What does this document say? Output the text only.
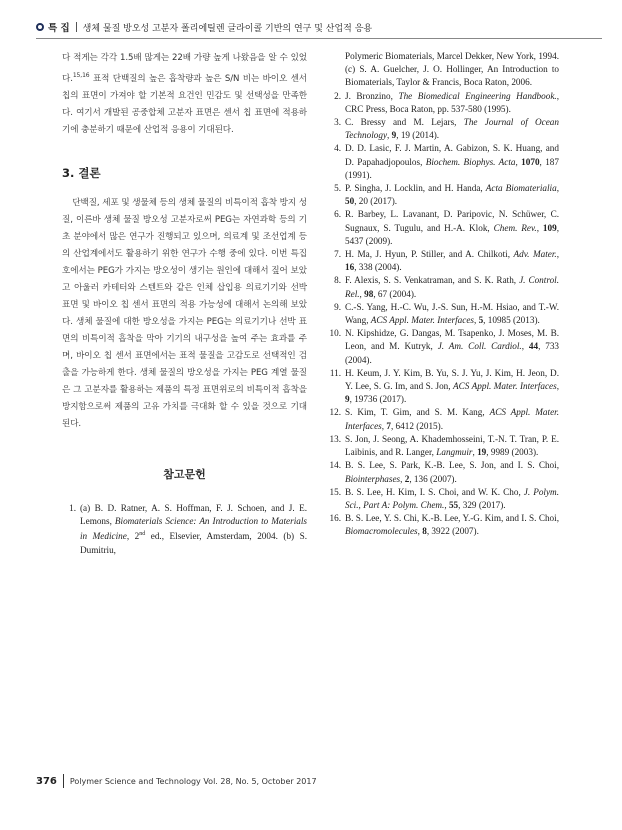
특 집 생체 물질 방오성 고분자 폴리에틸렌 글라이콜 기반의 연구 및 산업적 응용

다 적게는 각각 1.5배 많게는 22배 가량 높게 나왔음을 알 수 있었다.$^{15,16}$ 표적 단백질의 높은 흡착량과 높은 S/N 비는 바이오 센서 칩의 표면이 가져야 할 기본적 요건인 민감도 및 선택성을 만족한다. 여기서 개발된 공중합체 고분자 표면은 센서 칩 표면에 적용하기에 충분하기 때문에 산업적 응용이 기대된다.

3. 결론

단백질, 세포 및 생물체 등의 생체 물질의 비특이적 흡착 방지 성질, 이른바 생체 물질 방오성 고분자로써 PEG는 자연과학 등의 기초 분야에서 많은 연구가 진행되고 있으며, 의료계 및 조선업계 등의 산업계에서도 활용하기 위한 연구가 수행 중에 있다. 이번 특집호에서는 PEG가 가지는 방오성이 생기는 원인에 대해서 짚어 보았고 아울러 카테터와 스텐트와 같은 인체 삽입용 의료기기와 선박 표면 및 바이오 칩 센서 표면의 적용 가능성에 대해서 논의해 보았다. 생체 물질에 대한 방오성을 가지는 PEG는 의료기기나 선박 표면의 비특이적 흡착을 막아 기기의 내구성을 높여 주는 효과를 주며, 바이오 칩 센서 표면에서는 표적 물질을 고감도로 선택적인 검출을 가능하게 한다. 생체 물질의 방오성을 가지는 PEG 계열 물질은 그 고분자를 활용하는 제품의 특정 표면위로의 비특이적 흡착을 방지함으로써 제품의 고유 가치를 극대화 할 수 있을 것으로 기대된다.

참고문헌
1. (a) B. D. Ratner, A. S. Hoffman, F. J. Schoen, and J. E. Lemons, Biomaterials Science: An Introduction to Materials in Medicine, 2nd ed., Elsevier, Amsterdam, 2004. (b) S. Dumitriu,
Polymeric Biomaterials, Marcel Dekker, New York, 1994. (c) S. A. Guelcher, J. O. Hollinger, An Introduction to Biomaterials, Taylor & Francis, Boca Raton, 2006.
2. J. Bronzino, The Biomedical Engineering Handbook., CRC Press, Boca Raton, pp. 537-580 (1995).
3. C. Bressy and M. Lejars, The Journal of Ocean Technology, 9, 19 (2014).
4. D. D. Lasic, F. J. Martin, A. Gabizon, S. K. Huang, and D. Papahadjopoulos, Biochem. Biophys. Acta, 1070, 187 (1991).
5. P. Singha, J. Locklin, and H. Handa, Acta Biomaterialia, 50, 20 (2017).
6. R. Barbey, L. Lavanant, D. Paripovic, N. Schüwer, C. Sugnaux, S. Tugulu, and H.-A. Klok, Chem. Rev., 109, 5437 (2009).
7. H. Ma, J. Hyun, P. Stiller, and A. Chilkoti, Adv. Mater., 16, 338 (2004).
8. F. Alexis, S. S. Venkatraman, and S. K. Rath, J. Control. Rel., 98, 67 (2004).
9. C.-S. Yang, H.-C. Wu, J.-S. Sun, H.-M. Hsiao, and T.-W. Wang, ACS Appl. Mater. Interfaces, 5, 10985 (2013).
10. N. Kipshidze, G. Dangas, M. Tsapenko, J. Moses, M. B. Leon, and M. Kutryk, J. Am. Coll. Cardiol., 44, 733 (2004).
11. H. Keum, J. Y. Kim, B. Yu, S. J. Yu, J. Kim, H. Jeon, D. Y. Lee, S. G. Im, and S. Jon, ACS Appl. Mater. Interfaces, 9, 19736 (2017).
12. S. Kim, T. Gim, and S. M. Kang, ACS Appl. Mater. Interfaces, 7, 6412 (2015).
13. S. Jon, J. Seong, A. Khademhosseini, T.-N. T. Tran, P. E. Laibinis, and R. Langer, Langmuir, 19, 9989 (2003).
14. B. S. Lee, S. Park, K.-B. Lee, S. Jon, and I. S. Choi, Biointerphases, 2, 136 (2007).
15. B. S. Lee, H. Kim, I. S. Choi, and W. K. Cho, J. Polym. Sci., Part A: Polym. Chem., 55, 329 (2017).
16. B. S. Lee, Y. S. Chi, K.-B. Lee, Y.-G. Kim, and I. S. Choi, Biomacromolecules, 8, 3922 (2007).
376 Polymer Science and Technology Vol. 28, No. 5, October 2017
